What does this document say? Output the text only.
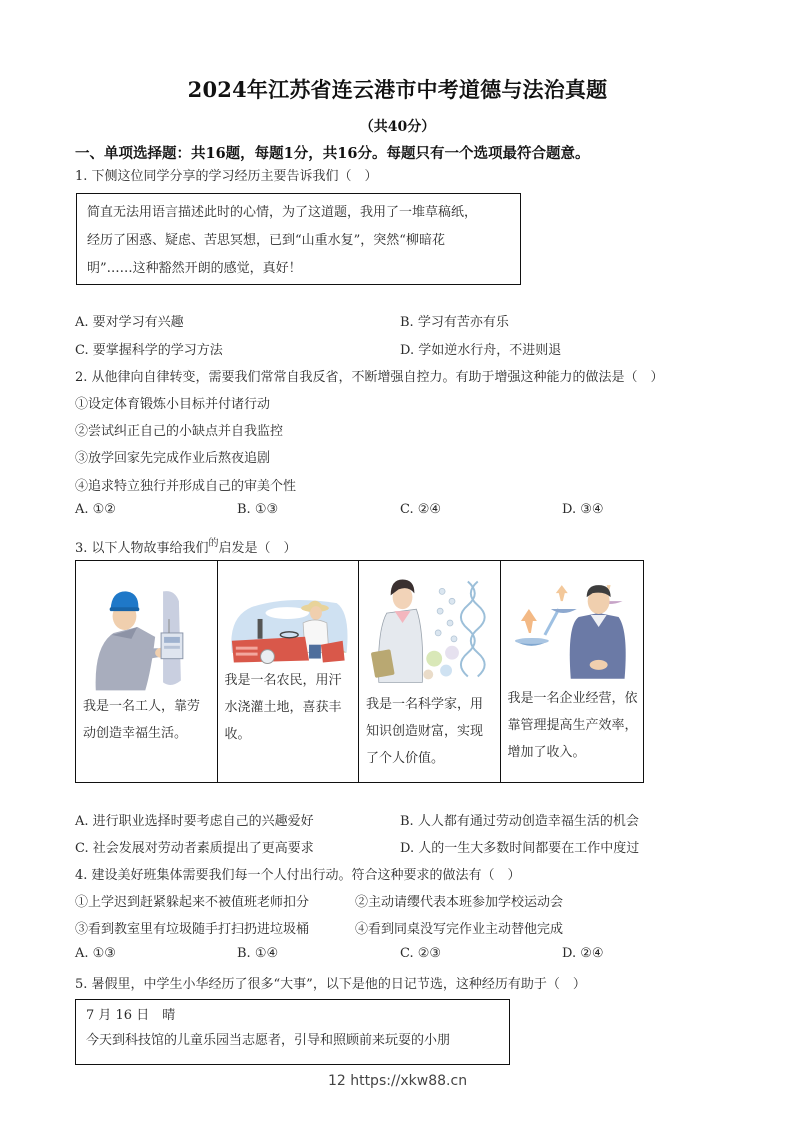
2024年江苏省连云港市中考道德与法治真题
（共40分）
一、单项选择题：共16题，每题1分，共16分。每题只有一个选项最符合题意。
1. 下侧这位同学分享的学习经历主要告诉我们（　）
简直无法用语言描述此时的心情，为了这道题，我用了一堆草稿纸，
经历了困惑、疑虑、苦思冥想，已到“山重水复”，突然“柳暗花
明”……这种豁然开朗的感觉，真好！
A. 要对学习有兴趣	B. 学习有苦亦有乐
C. 要掌握科学的学习方法	D. 学如逆水行舟，不进则退
2. 从他律向自律转变，需要我们常常自我反省，不断增强自控力。有助于增强这种能力的做法是（　）
①设定体育锻炼小目标并付诸行动
②尝试纠正自己的小缺点并自我监控
③放学回家先完成作业后熬夜追剧
④追求特立独行并形成自己的审美个性
A. ①②	B. ①③	C. ②④	D. ③④
3. 以下人物故事给我们$^的$启发是（　）
我是一名工人，靠劳动创造幸福生活。
我是一名农民，用汗水浇灌土地，喜获丰收。
我是一名科学家，用知识创造财富，实现了个人价值。
我是一名企业经营，依靠管理提高生产效率，增加了收入。
A. 进行职业选择时要考虑自己的兴趣爱好	B. 人人都有通过劳动创造幸福生活的机会
C. 社会发展对劳动者素质提出了更高要求	D. 人的一生大多数时间都要在工作中度过
4. 建设美好班集体需要我们每一个人付出行动。符合这种要求的做法有（　）
①上学迟到赶紧躲起来不被值班老师扣分	②主动请缨代表本班参加学校运动会
③看到教室里有垃圾随手打扫扔进垃圾桶	④看到同桌没写完作业主动替他完成
A. ①③	B. ①④	C. ②③	D. ②④
5. 暑假里，中学生小华经历了很多“大事”，以下是他的日记节选，这种经历有助于（　）
7 月 16 日　晴
今天到科技馆的儿童乐园当志愿者，引导和照顾前来玩耍的小朋
12 https://xkw88.cn
